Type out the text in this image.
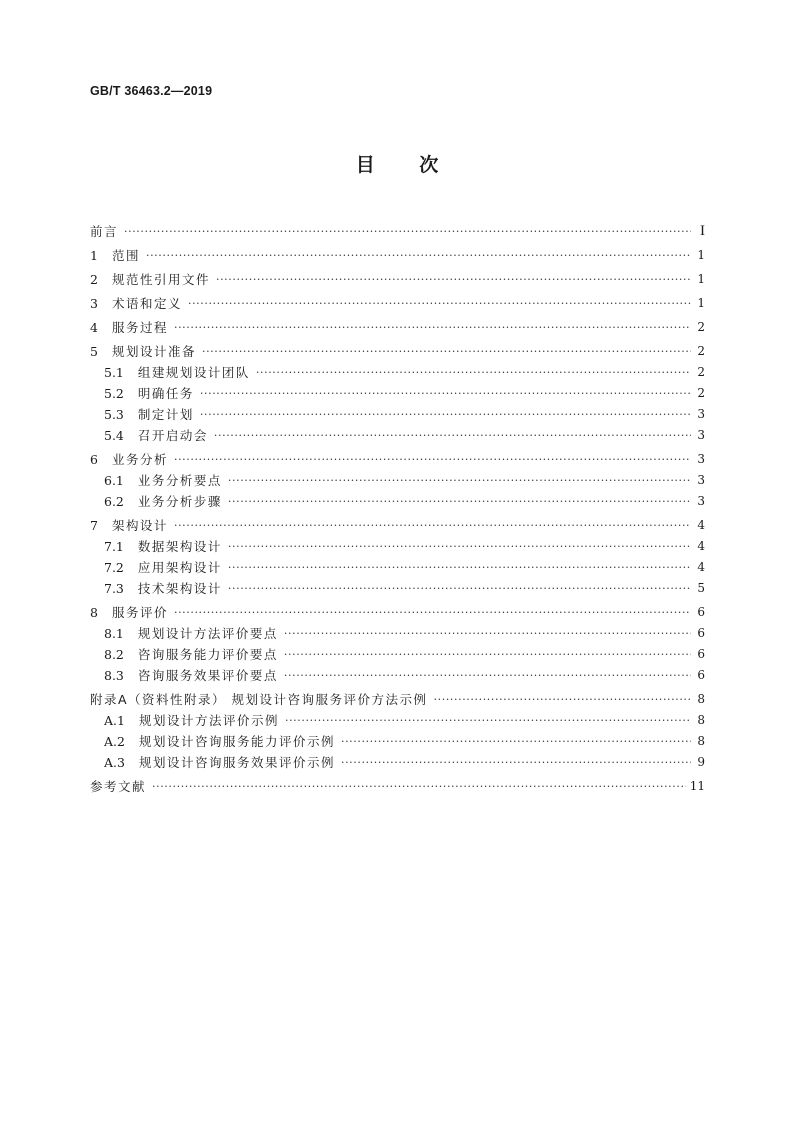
GB/T 36463.2—2019
目 次
前言 ·····	I
1 范围 ·····	1
2 规范性引用文件 ·····	1
3 术语和定义 ·····	1
4 服务过程 ·····	2
5 规划设计准备 ·····	2
5.1 组建规划设计团队 ·····	2
5.2 明确任务 ·····	2
5.3 制定计划 ·····	3
5.4 召开启动会 ·····	3
6 业务分析 ·····	3
6.1 业务分析要点 ·····	3
6.2 业务分析步骤 ·····	3
7 架构设计 ·····	4
7.1 数据架构设计 ·····	4
7.2 应用架构设计 ·····	4
7.3 技术架构设计 ·····	5
8 服务评价 ·····	6
8.1 规划设计方法评价要点 ·····	6
8.2 咨询服务能力评价要点 ·····	6
8.3 咨询服务效果评价要点 ·····	6
附录A（资料性附录） 规划设计咨询服务评价方法示例 ·····	8
A.1 规划设计方法评价示例 ·····	8
A.2 规划设计咨询服务能力评价示例 ·····	8
A.3 规划设计咨询服务效果评价示例 ·····	9
参考文献 ·····	11
